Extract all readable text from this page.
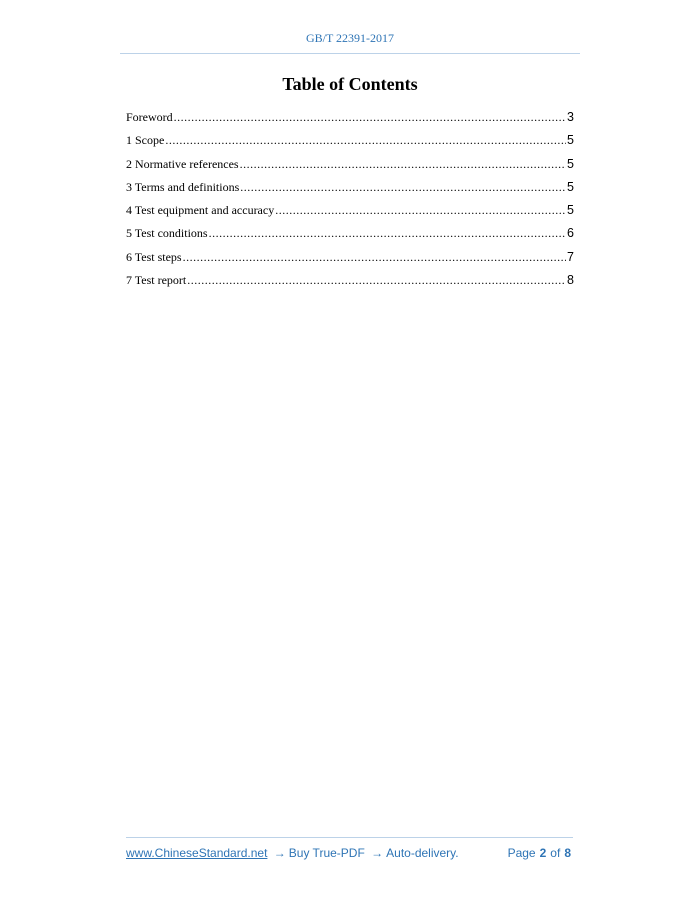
GB/T 22391-2017
Table of Contents
Foreword .....	3
1 Scope .....	5
2 Normative references .....	5
3 Terms and definitions .....	5
4 Test equipment and accuracy .....	5
5 Test conditions .....	6
6 Test steps .....	7
7 Test report .....	8
www.ChineseStandard.net → Buy True-PDF → Auto-delivery.	Page 2 of 8
